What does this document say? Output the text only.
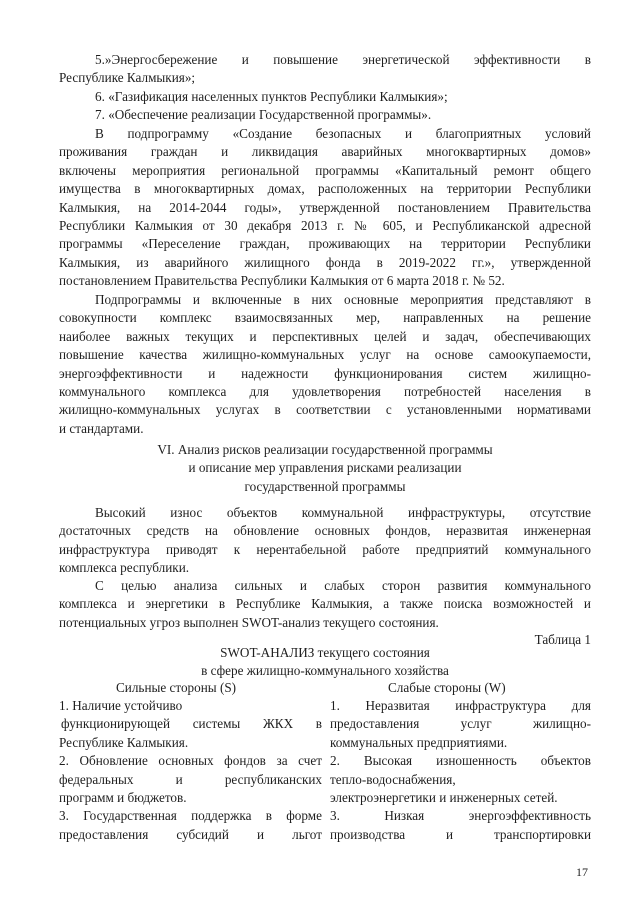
5.»Энергосбережение и повышение энергетической эффективности в
Республике Калмыкия»;
6. «Газификация населенных пунктов Республики Калмыкия»;
7. «Обеспечение реализации Государственной программы».
В подпрограмму «Создание безопасных и благоприятных условий
проживания граждан и ликвидация аварийных многоквартирных домов»
включены мероприятия региональной программы «Капитальный ремонт общего
имущества в многоквартирных домах, расположенных на территории Республики
Калмыкия, на 2014-2044 годы», утвержденной постановлением Правительства
Республики Калмыкия от 30 декабря 2013 г. № 605, и Республиканской адресной
программы «Переселение граждан, проживающих на территории Республики
Калмыкия, из аварийного жилищного фонда в 2019-2022 гг.», утвержденной
постановлением Правительства Республики Калмыкия от 6 марта 2018 г. № 52.
Подпрограммы и включенные в них основные мероприятия представляют в
совокупности комплекс взаимосвязанных мер, направленных на решение
наиболее важных текущих и перспективных целей и задач, обеспечивающих
повышение качества жилищно-коммунальных услуг на основе самоокупаемости,
энергоэффективности и надежности функционирования систем жилищно-
коммунального комплекса для удовлетворения потребностей населения в
жилищно-коммунальных услугах в соответствии с установленными нормативами
и стандартами.
VI. Анализ рисков реализации государственной программы
и описание мер управления рисками реализации
государственной программы
Высокий износ объектов коммунальной инфраструктуры, отсутствие
достаточных средств на обновление основных фондов, неразвитая инженерная
инфраструктура приводят к нерентабельной работе предприятий коммунального
комплекса республики.
С целью анализа сильных и слабых сторон развития коммунального
комплекса и энергетики в Республике Калмыкия, а также поиска возможностей и
потенциальных угроз выполнен SWOT-анализ текущего состояния.
Таблица 1
SWOT-АНАЛИЗ текущего состояния
в сфере жилищно-коммунального хозяйства
Сильные стороны (S)	Слабые стороны (W)
1. Наличие устойчиво
функционирующей системы ЖКХ в
Республике Калмыкия.
2. Обновление основных фондов за счет
федеральных и республиканских
программ и бюджетов.
3. Государственная поддержка в форме
предоставления субсидий и льгот
1. Неразвитая инфраструктура для
предоставления услуг жилищно-
коммунальных предприятиями.
2. Высокая изношенность объектов
тепло-водоснабжения,
электроэнергетики и инженерных сетей.
3. Низкая энергоэффективность
производства и транспортировки
17
